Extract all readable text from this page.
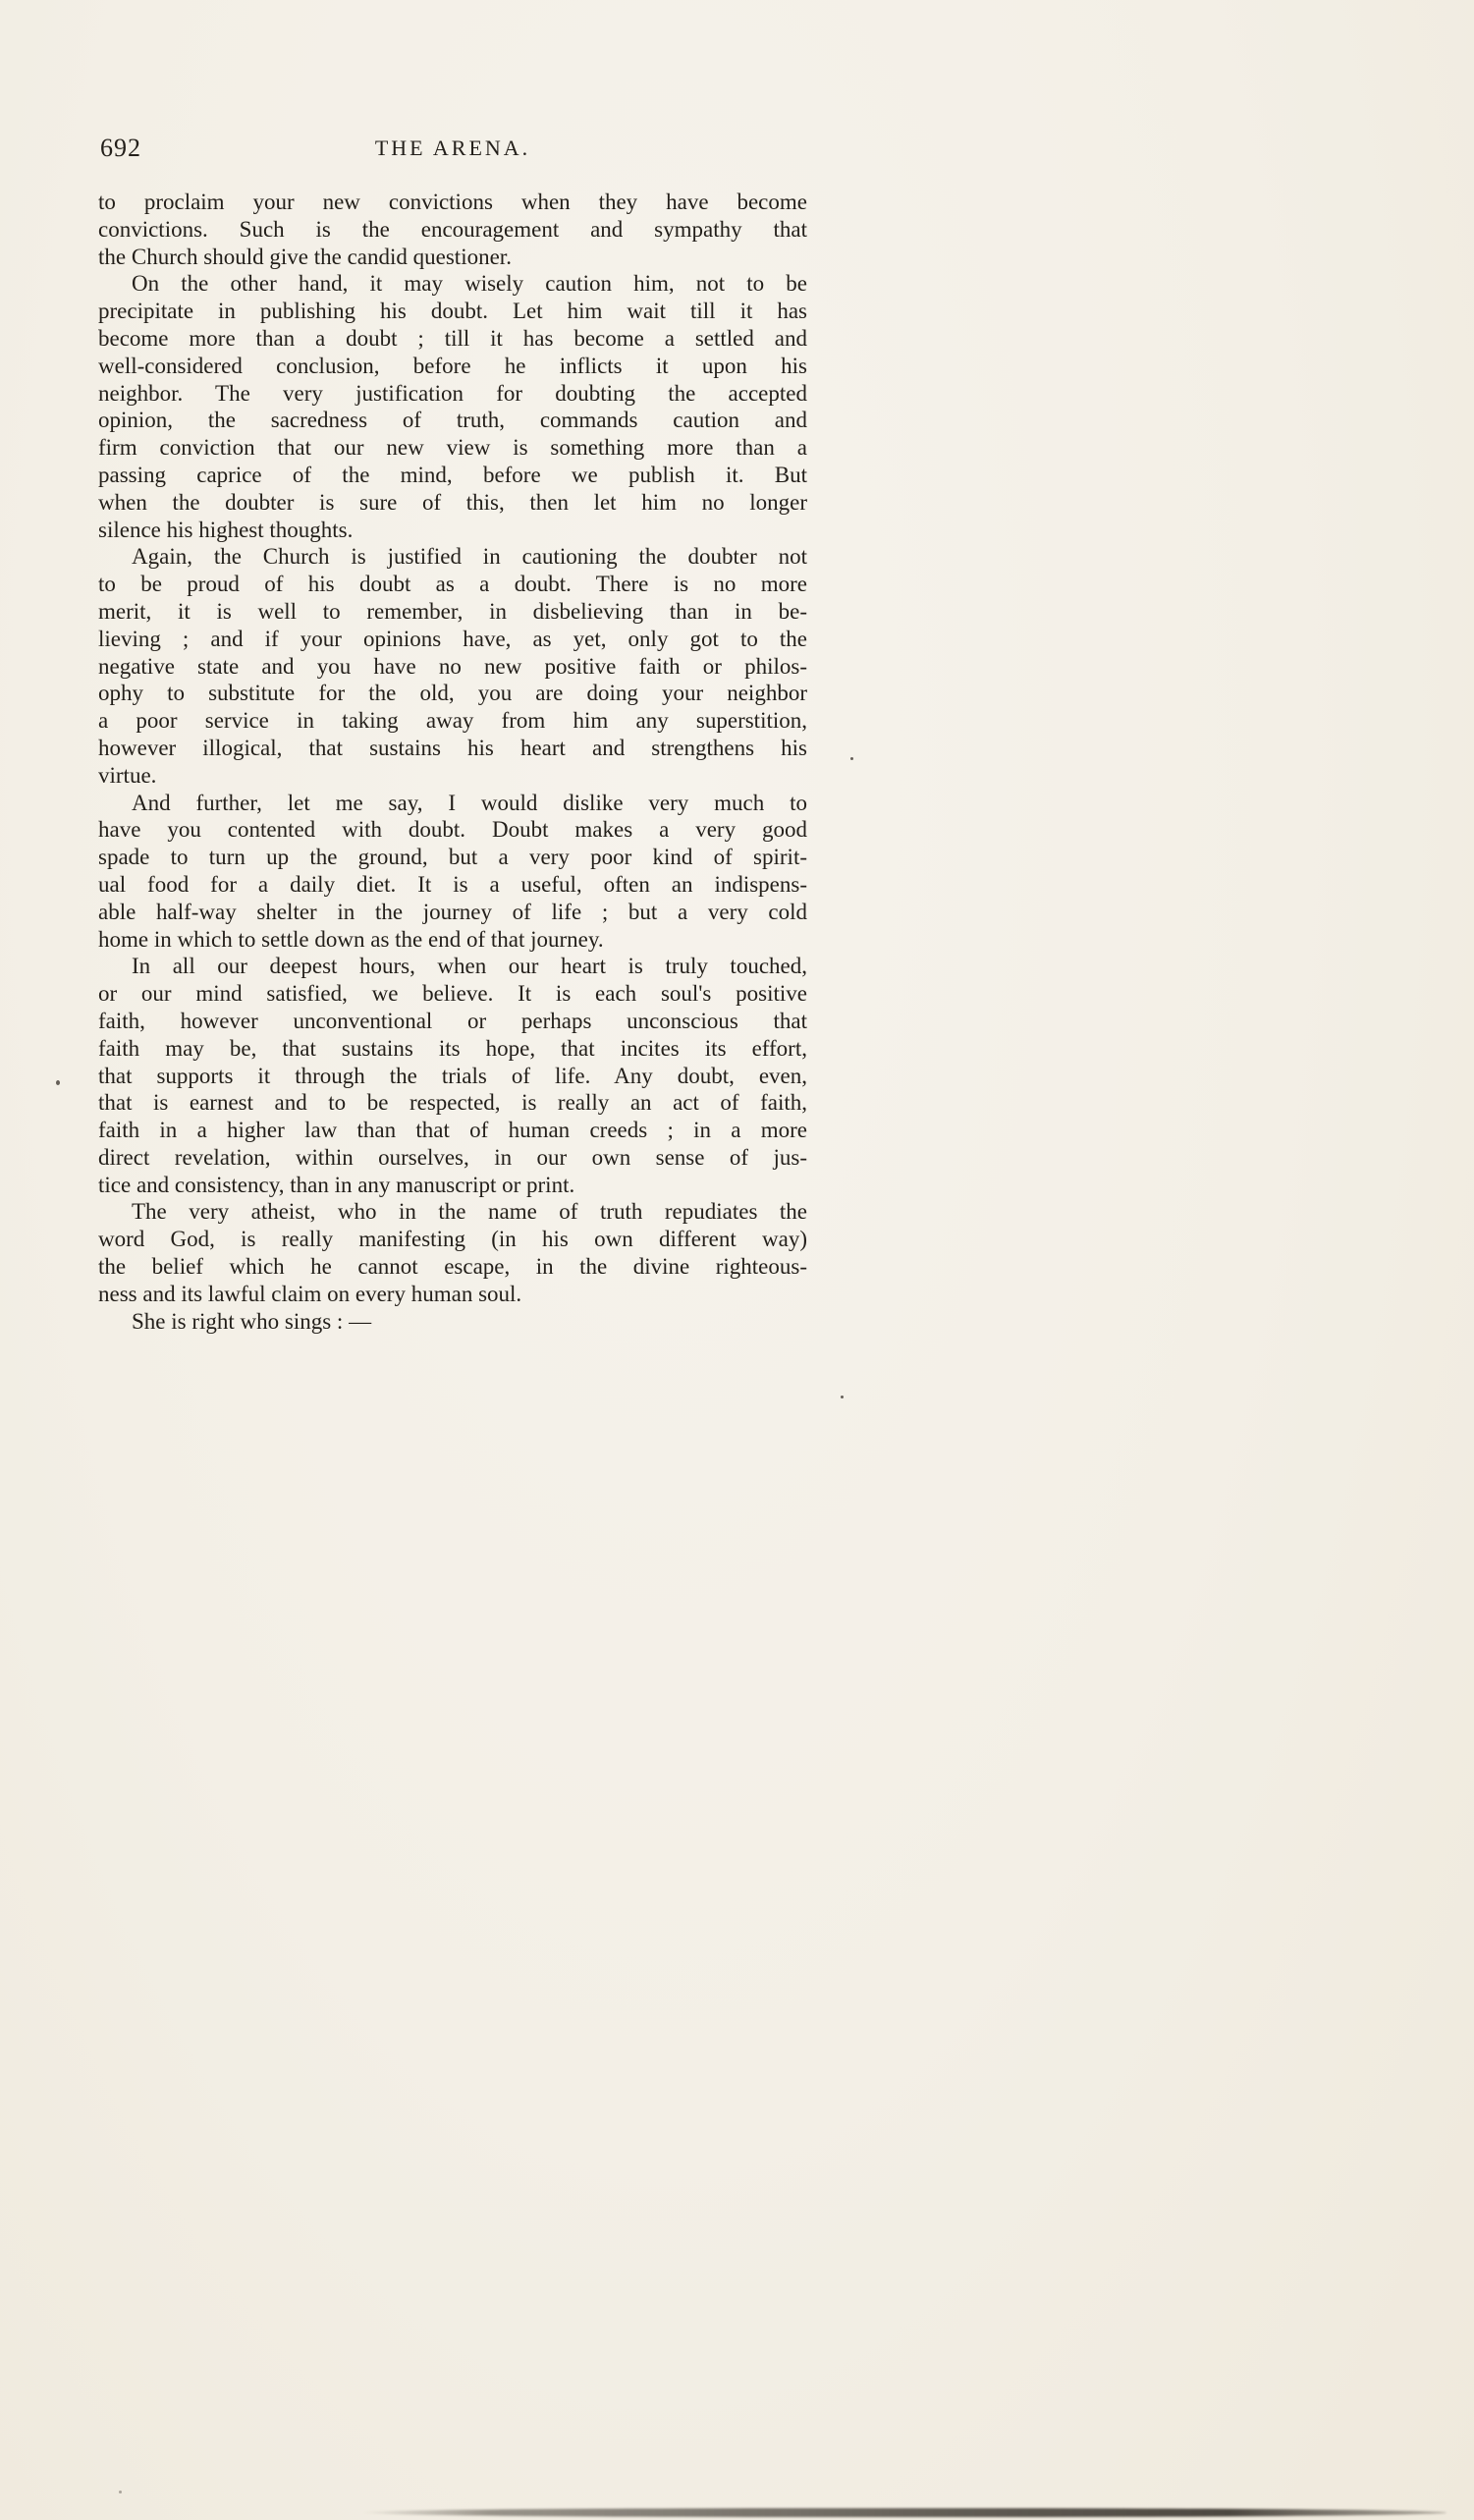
692	THE ARENA.
to proclaim your new convictions when they have become
convictions. Such is the encouragement and sympathy that
the Church should give the candid questioner.
On the other hand, it may wisely caution him, not to be
precipitate in publishing his doubt. Let him wait till it has
become more than a doubt ; till it has become a settled and
well-considered conclusion, before he inflicts it upon his
neighbor. The very justification for doubting the accepted
opinion, the sacredness of truth, commands caution and
firm conviction that our new view is something more than a
passing caprice of the mind, before we publish it. But
when the doubter is sure of this, then let him no longer
silence his highest thoughts.
Again, the Church is justified in cautioning the doubter not
to be proud of his doubt as a doubt. There is no more
merit, it is well to remember, in disbelieving than in be-
lieving ; and if your opinions have, as yet, only got to the
negative state and you have no new positive faith or philos-
ophy to substitute for the old, you are doing your neighbor
a poor service in taking away from him any superstition,
however illogical, that sustains his heart and strengthens his
virtue.
And further, let me say, I would dislike very much to
have you contented with doubt. Doubt makes a very good
spade to turn up the ground, but a very poor kind of spirit-
ual food for a daily diet. It is a useful, often an indispens-
able half-way shelter in the journey of life ; but a very cold
home in which to settle down as the end of that journey.
In all our deepest hours, when our heart is truly touched,
or our mind satisfied, we believe. It is each soul's positive
faith, however unconventional or perhaps unconscious that
faith may be, that sustains its hope, that incites its effort,
that supports it through the trials of life. Any doubt, even,
that is earnest and to be respected, is really an act of faith,
faith in a higher law than that of human creeds ; in a more
direct revelation, within ourselves, in our own sense of jus-
tice and consistency, than in any manuscript or print.
The very atheist, who in the name of truth repudiates the
word God, is really manifesting (in his own different way)
the belief which he cannot escape, in the divine righteous-
ness and its lawful claim on every human soul.
She is right who sings : —
